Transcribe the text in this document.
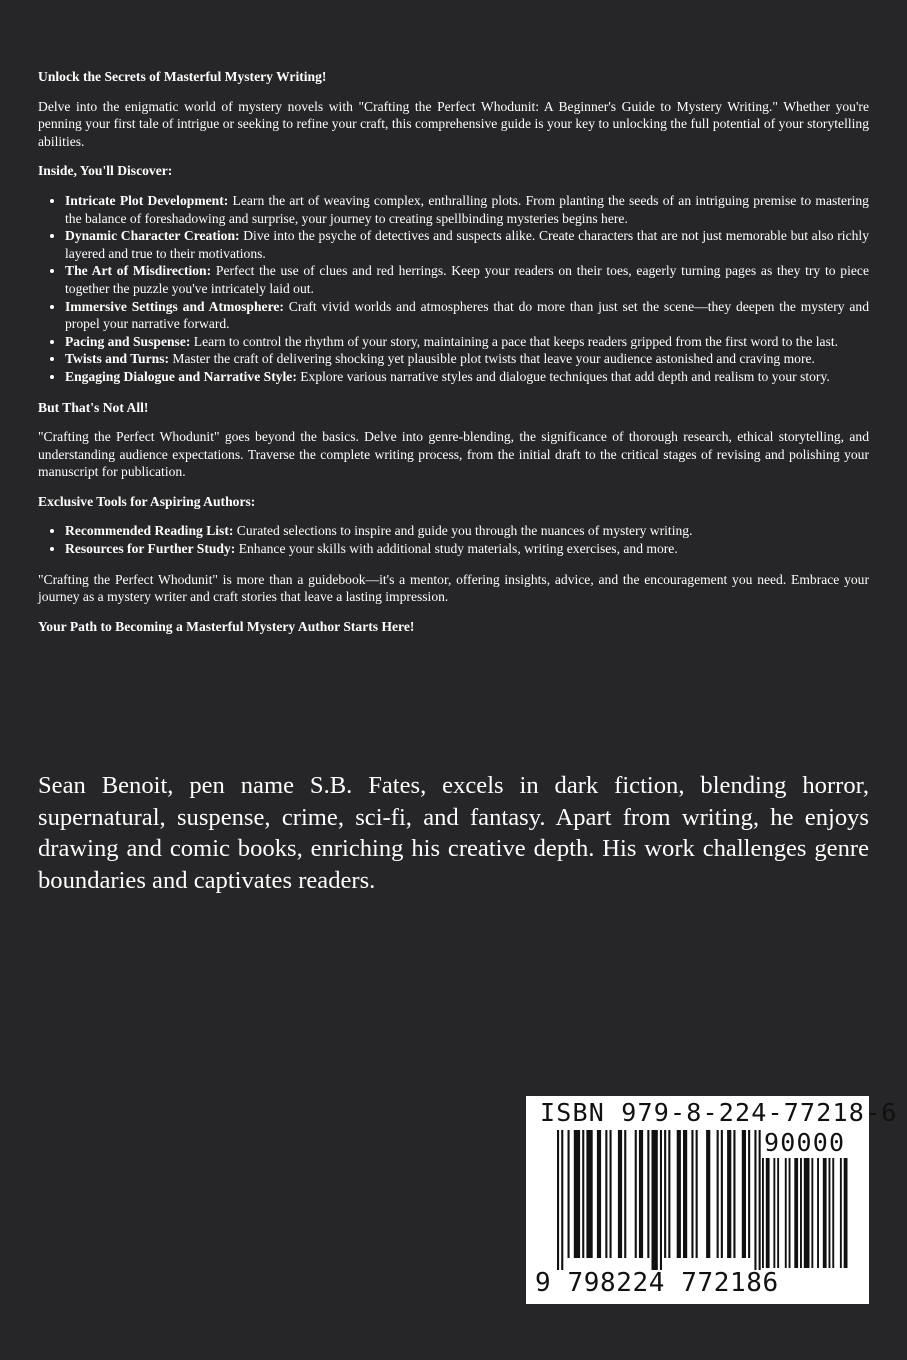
Unlock the Secrets of Masterful Mystery Writing!

Delve into the enigmatic world of mystery novels with "Crafting the Perfect Whodunit: A Beginner's Guide to Mystery Writing." Whether you're penning your first tale of intrigue or seeking to refine your craft, this comprehensive guide is your key to unlocking the full potential of your storytelling abilities.

Inside, You'll Discover:

• Intricate Plot Development: Learn the art of weaving complex, enthralling plots. From planting the seeds of an intriguing premise to mastering the balance of foreshadowing and surprise, your journey to creating spellbinding mysteries begins here.
• Dynamic Character Creation: Dive into the psyche of detectives and suspects alike. Create characters that are not just memorable but also richly layered and true to their motivations.
• The Art of Misdirection: Perfect the use of clues and red herrings. Keep your readers on their toes, eagerly turning pages as they try to piece together the puzzle you've intricately laid out.
• Immersive Settings and Atmosphere: Craft vivid worlds and atmospheres that do more than just set the scene—they deepen the mystery and propel your narrative forward.
• Pacing and Suspense: Learn to control the rhythm of your story, maintaining a pace that keeps readers gripped from the first word to the last.
• Twists and Turns: Master the craft of delivering shocking yet plausible plot twists that leave your audience astonished and craving more.
• Engaging Dialogue and Narrative Style: Explore various narrative styles and dialogue techniques that add depth and realism to your story.

But That's Not All!

"Crafting the Perfect Whodunit" goes beyond the basics. Delve into genre-blending, the significance of thorough research, ethical storytelling, and understanding audience expectations. Traverse the complete writing process, from the initial draft to the critical stages of revising and polishing your manuscript for publication.

Exclusive Tools for Aspiring Authors:

• Recommended Reading List: Curated selections to inspire and guide you through the nuances of mystery writing.
• Resources for Further Study: Enhance your skills with additional study materials, writing exercises, and more.

"Crafting the Perfect Whodunit" is more than a guidebook—it's a mentor, offering insights, advice, and the encouragement you need. Embrace your journey as a mystery writer and craft stories that leave a lasting impression.

Your Path to Becoming a Masterful Mystery Author Starts Here!

Sean Benoit, pen name S.B. Fates, excels in dark fiction, blending horror, supernatural, suspense, crime, sci-fi, and fantasy. Apart from writing, he enjoys drawing and comic books, enriching his creative depth. His work challenges genre boundaries and captivates readers.

ISBN 979-8-224-77218-6
90000
9 798224 772186
